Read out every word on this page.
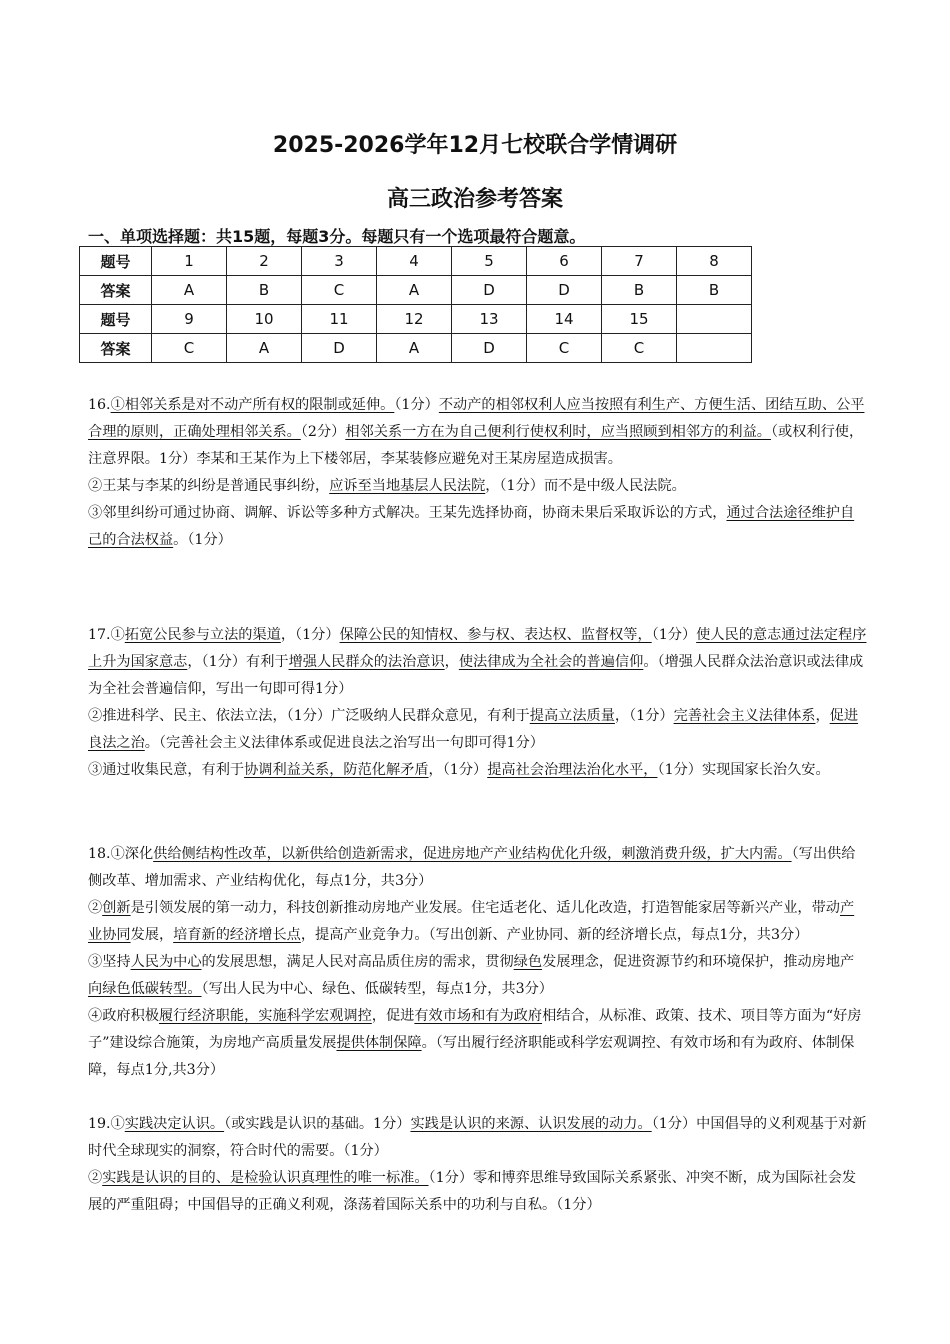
2025-2026学年12月七校联合学情调研
高三政治参考答案
一、单项选择题：共15题，每题3分。每题只有一个选项最符合题意。
题号	1	2	3	4	5	6	7	8
答案	A	B	C	A	D	D	B	B
题号	9	10	11	12	13	14	15	
答案	C	A	D	A	D	C	C	

16.①相邻关系是对不动产所有权的限制或延伸。（1分）不动产的相邻权利人应当按照有利生产、方便生活、团结互助、公平合理的原则，正确处理相邻关系。（2分）相邻关系一方在为自己便利行使权利时，应当照顾到相邻方的利益。（或权利行使，注意界限。1分）李某和王某作为上下楼邻居，李某装修应避免对王某房屋造成损害。

②王某与李某的纠纷是普通民事纠纷，应诉至当地基层人民法院，（1分）而不是中级人民法院。

③邻里纠纷可通过协商、调解、诉讼等多种方式解决。王某先选择协商，协商未果后采取诉讼的方式，通过合法途径维护自己的合法权益。（1分）

17.①拓宽公民参与立法的渠道，（1分）保障公民的知情权、参与权、表达权、监督权等，（1分）使人民的意志通过法定程序上升为国家意志，（1分）有利于增强人民群众的法治意识，使法律成为全社会的普遍信仰。（增强人民群众法治意识或法律成为全社会普遍信仰，写出一句即可得1分）

②推进科学、民主、依法立法，（1分）广泛吸纳人民群众意见，有利于提高立法质量，（1分）完善社会主义法律体系，促进良法之治。（完善社会主义法律体系或促进良法之治写出一句即可得1分）

③通过收集民意，有利于协调利益关系，防范化解矛盾，（1分）提高社会治理法治化水平，（1分）实现国家长治久安。

18.①深化供给侧结构性改革，以新供给创造新需求，促进房地产产业结构优化升级，刺激消费升级，扩大内需。（写出供给侧改革、增加需求、产业结构优化，每点1分，共3分）

②创新是引领发展的第一动力，科技创新推动房地产业发展。住宅适老化、适儿化改造，打造智能家居等新兴产业，带动产业协同发展，培育新的经济增长点，提高产业竞争力。（写出创新、产业协同、新的经济增长点，每点1分，共3分）

③坚持人民为中心的发展思想，满足人民对高品质住房的需求，贯彻绿色发展理念，促进资源节约和环境保护，推动房地产向绿色低碳转型。（写出人民为中心、绿色、低碳转型，每点1分，共3分）

④政府积极履行经济职能，实施科学宏观调控，促进有效市场和有为政府相结合，从标准、政策、技术、项目等方面为“好房子”建设综合施策，为房地产高质量发展提供体制保障。（写出履行经济职能或科学宏观调控、有效市场和有为政府、体制保障，每点1分,共3分）

19.①实践决定认识。（或实践是认识的基础。1分）实践是认识的来源、认识发展的动力。（1分）中国倡导的义利观基于对新时代全球现实的洞察，符合时代的需要。（1分）

②实践是认识的目的、是检验认识真理性的唯一标准。（1分）零和博弈思维导致国际关系紧张、冲突不断，成为国际社会发展的严重阻碍；中国倡导的正确义利观，涤荡着国际关系中的功利与自私。（1分）
